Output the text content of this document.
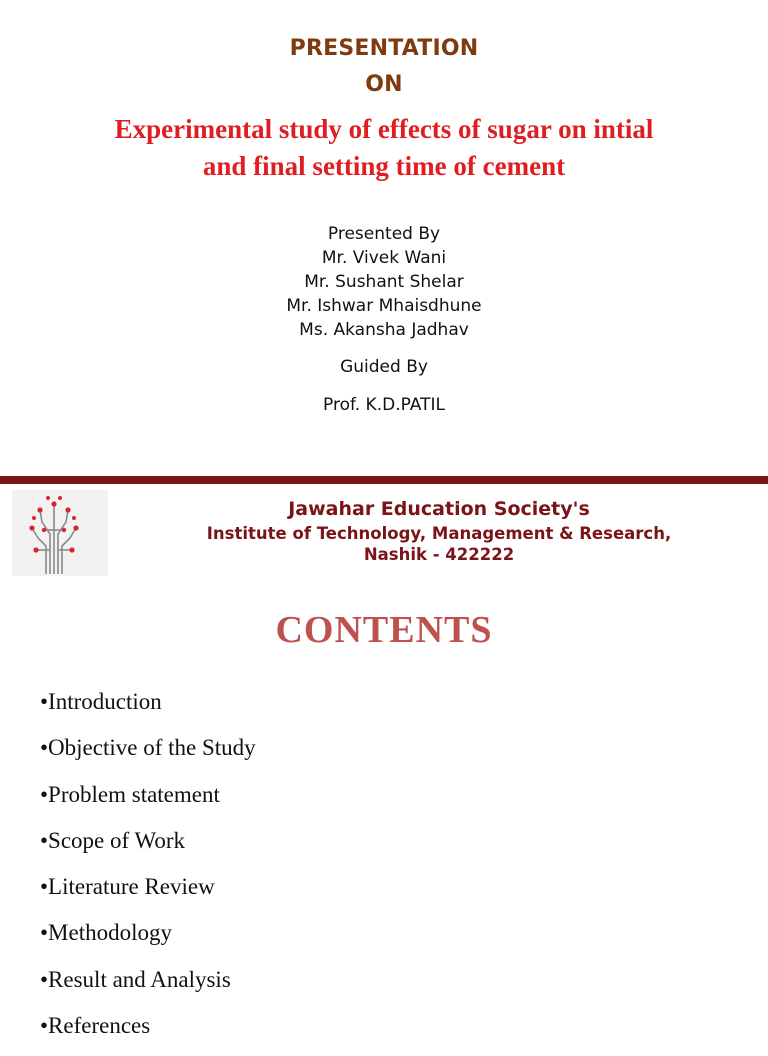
PRESENTATION
ON
Experimental study of effects of sugar on intial
and final setting time of cement
Presented By
Mr. Vivek Wani
Mr. Sushant Shelar
Mr. Ishwar Mhaisdhune
Ms. Akansha Jadhav
Guided By
Prof. K.D.PATIL
Jawahar Education Society's
Institute of Technology, Management & Research,
Nashik - 422222
CONTENTS
•Introduction
•Objective of the Study
•Problem statement
•Scope of Work
•Literature Review
•Methodology
•Result and Analysis
•References
